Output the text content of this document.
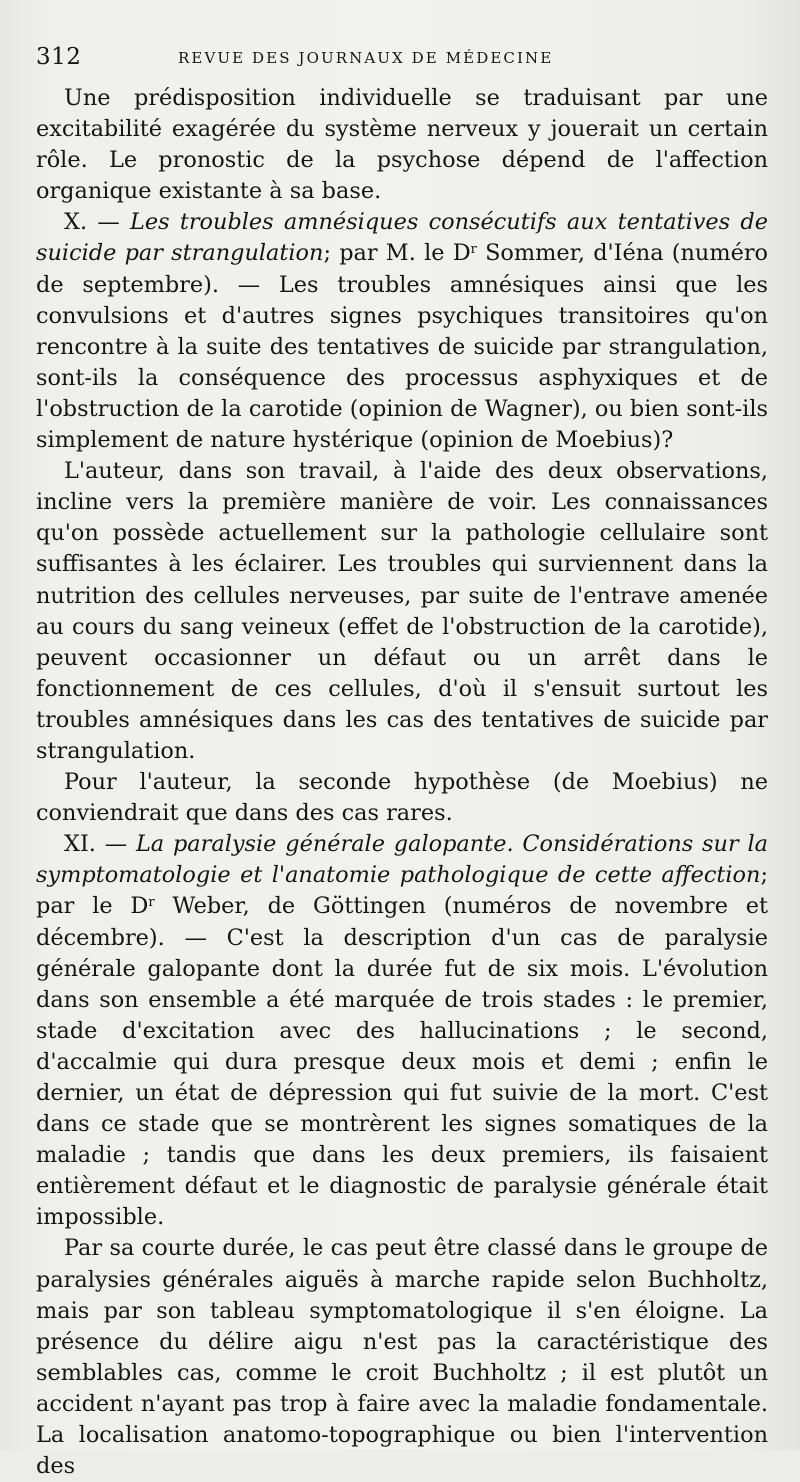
312	REVUE DES JOURNAUX DE MÉDECINE

Une prédisposition individuelle se traduisant par une excitabilité exagérée du système nerveux y jouerait un certain rôle. Le pronostic de la psychose dépend de l'affection organique existante à sa base.

X. — Les troubles amnésiques consécutifs aux tentatives de suicide par strangulation; par M. le $D^r$ Sommer, d'Iéna (numéro de septembre). — Les troubles amnésiques ainsi que les convulsions et d'autres signes psychiques transitoires qu'on rencontre à la suite des tentatives de suicide par strangulation, sont-ils la conséquence des processus asphyxiques et de l'obstruction de la carotide (opinion de Wagner), ou bien sont-ils simplement de nature hystérique (opinion de Moebius)?

L'auteur, dans son travail, à l'aide des deux observations, incline vers la première manière de voir. Les connaissances qu'on possède actuellement sur la pathologie cellulaire sont suffisantes à les éclairer. Les troubles qui surviennent dans la nutrition des cellules nerveuses, par suite de l'entrave amenée au cours du sang veineux (effet de l'obstruction de la carotide), peuvent occasionner un défaut ou un arrêt dans le fonctionnement de ces cellules, d'où il s'ensuit surtout les troubles amnésiques dans les cas des tentatives de suicide par strangulation.

Pour l'auteur, la seconde hypothèse (de Moebius) ne conviendrait que dans des cas rares.

XI. — La paralysie générale galopante. Considérations sur la symptomatologie et l'anatomie pathologique de cette affection; par le $D^r$ Weber, de Göttingen (numéros de novembre et décembre). — C'est la description d'un cas de paralysie générale galopante dont la durée fut de six mois. L'évolution dans son ensemble a été marquée de trois stades : le premier, stade d'excitation avec des hallucinations ; le second, d'accalmie qui dura presque deux mois et demi ; enfin le dernier, un état de dépression qui fut suivie de la mort. C'est dans ce stade que se montrèrent les signes somatiques de la maladie ; tandis que dans les deux premiers, ils faisaient entièrement défaut et le diagnostic de paralysie générale était impossible.

Par sa courte durée, le cas peut être classé dans le groupe de paralysies générales aiguës à marche rapide selon Buchholtz, mais par son tableau symptomatologique il s'en éloigne. La présence du délire aigu n'est pas la caractéristique des semblables cas, comme le croit Buchholtz ; il est plutôt un accident n'ayant pas trop à faire avec la maladie fondamentale. La localisation anatomo-topographique ou bien l'intervention des
